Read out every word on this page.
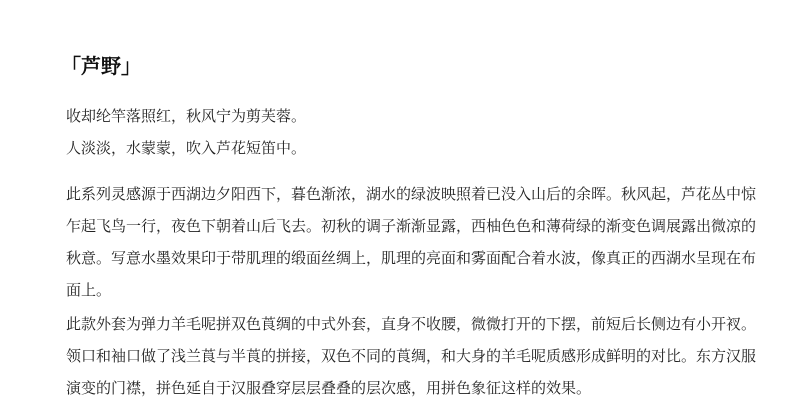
「芦野」
收却纶竿落照红，秋风宁为剪芙蓉。
人淡淡，水蒙蒙，吹入芦花短笛中。

此系列灵感源于西湖边夕阳西下，暮色渐浓，湖水的绿波映照着已没入山后的余晖。秋风起，芦花丛中惊乍起飞鸟一行，夜色下朝着山后飞去。初秋的调子渐渐显露，西柚色色和薄荷绿的渐变色调展露出微凉的秋意。写意水墨效果印于带肌理的缎面丝绸上，肌理的亮面和雾面配合着水波，像真正的西湖水呈现在布面上。

此款外套为弹力羊毛呢拼双色莨绸的中式外套，直身不收腰，微微打开的下摆，前短后长侧边有小开衩。领口和袖口做了浅兰莨与半莨的拼接，双色不同的莨绸，和大身的羊毛呢质感形成鲜明的对比。东方汉服演变的门襟，拼色延自于汉服叠穿层层叠叠的层次感，用拼色象征这样的效果。
